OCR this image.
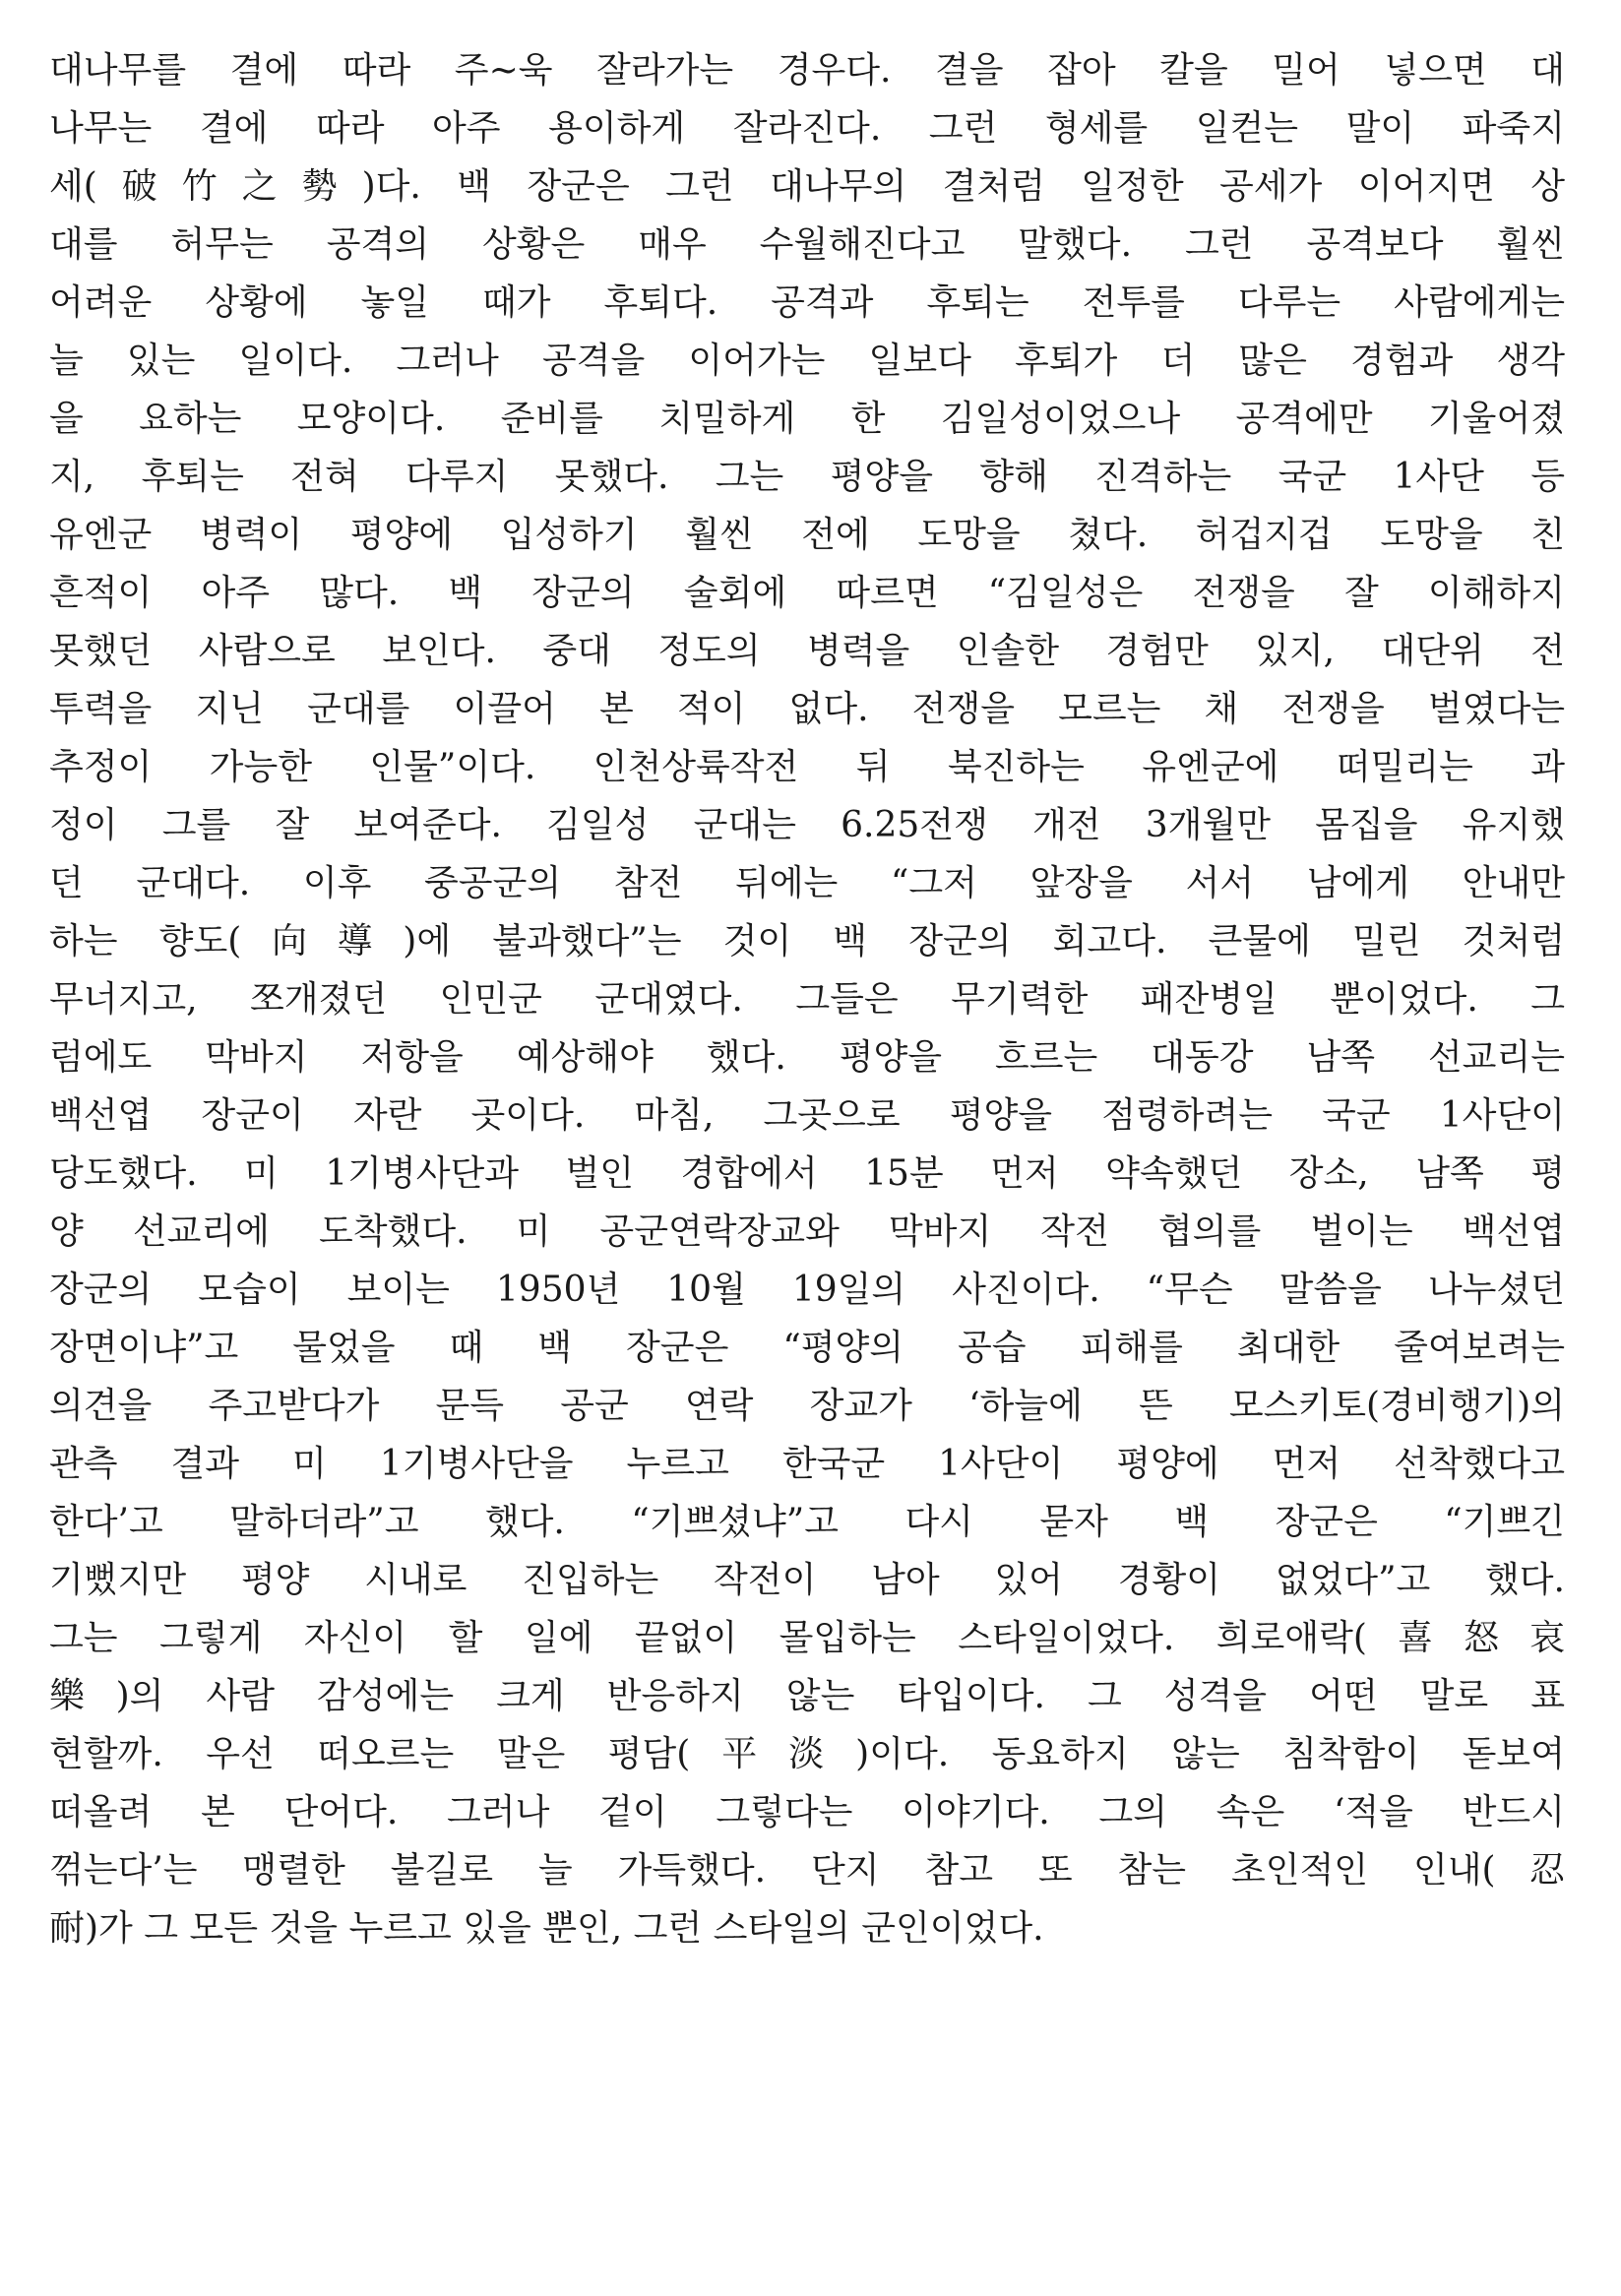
대나무를 결에 따라 주~욱 잘라가는 경우다. 결을 잡아 칼을 밀어 넣으면 대
나무는 결에 따라 아주 용이하게 잘라진다. 그런 형세를 일컫는 말이 파죽지
세(破竹之勢)다. 백 장군은 그런 대나무의 결처럼 일정한 공세가 이어지면 상
대를 허무는 공격의 상황은 매우 수월해진다고 말했다. 그런 공격보다 훨씬
어려운 상황에 놓일 때가 후퇴다. 공격과 후퇴는 전투를 다루는 사람에게는
늘 있는 일이다. 그러나 공격을 이어가는 일보다 후퇴가 더 많은 경험과 생각
을 요하는 모양이다. 준비를 치밀하게 한 김일성이었으나 공격에만 기울어졌
지, 후퇴는 전혀 다루지 못했다. 그는 평양을 향해 진격하는 국군 1사단 등
유엔군 병력이 평양에 입성하기 훨씬 전에 도망을 쳤다. 허겁지겁 도망을 친
흔적이 아주 많다. 백 장군의 술회에 따르면 “김일성은 전쟁을 잘 이해하지
못했던 사람으로 보인다. 중대 정도의 병력을 인솔한 경험만 있지, 대단위 전
투력을 지닌 군대를 이끌어 본 적이 없다. 전쟁을 모르는 채 전쟁을 벌였다는
추정이 가능한 인물”이다. 인천상륙작전 뒤 북진하는 유엔군에 떠밀리는 과
정이 그를 잘 보여준다. 김일성 군대는 6.25전쟁 개전 3개월만 몸집을 유지했
던 군대다. 이후 중공군의 참전 뒤에는 “그저 앞장을 서서 남에게 안내만
하는 향도(向導)에 불과했다”는 것이 백 장군의 회고다. 큰물에 밀린 것처럼
무너지고, 쪼개졌던 인민군 군대였다. 그들은 무기력한 패잔병일 뿐이었다. 그
럼에도 막바지 저항을 예상해야 했다. 평양을 흐르는 대동강 남쪽 선교리는
백선엽 장군이 자란 곳이다. 마침, 그곳으로 평양을 점령하려는 국군 1사단이
당도했다. 미 1기병사단과 벌인 경합에서 15분 먼저 약속했던 장소, 남쪽 평
양 선교리에 도착했다. 미 공군연락장교와 막바지 작전 협의를 벌이는 백선엽
장군의 모습이 보이는 1950년 10월 19일의 사진이다. “무슨 말씀을 나누셨던
장면이냐”고 물었을 때 백 장군은 “평양의 공습 피해를 최대한 줄여보려는
의견을 주고받다가 문득 공군 연락 장교가 ‘하늘에 뜬 모스키토(경비행기)의
관측 결과 미 1기병사단을 누르고 한국군 1사단이 평양에 먼저 선착했다고
한다’고 말하더라”고 했다. “기쁘셨냐”고 다시 묻자 백 장군은 “기쁘긴
기뻤지만 평양 시내로 진입하는 작전이 남아 있어 경황이 없었다”고 했다.
그는 그렇게 자신이 할 일에 끝없이 몰입하는 스타일이었다. 희로애락(喜怒哀
樂)의 사람 감성에는 크게 반응하지 않는 타입이다. 그 성격을 어떤 말로 표
현할까. 우선 떠오르는 말은 평담(平淡)이다. 동요하지 않는 침착함이 돋보여
떠올려 본 단어다. 그러나 겉이 그렇다는 이야기다. 그의 속은 ‘적을 반드시
꺾는다’는 맹렬한 불길로 늘 가득했다. 단지 참고 또 참는 초인적인 인내(忍
耐)가 그 모든 것을 누르고 있을 뿐인, 그런 스타일의 군인이었다.
